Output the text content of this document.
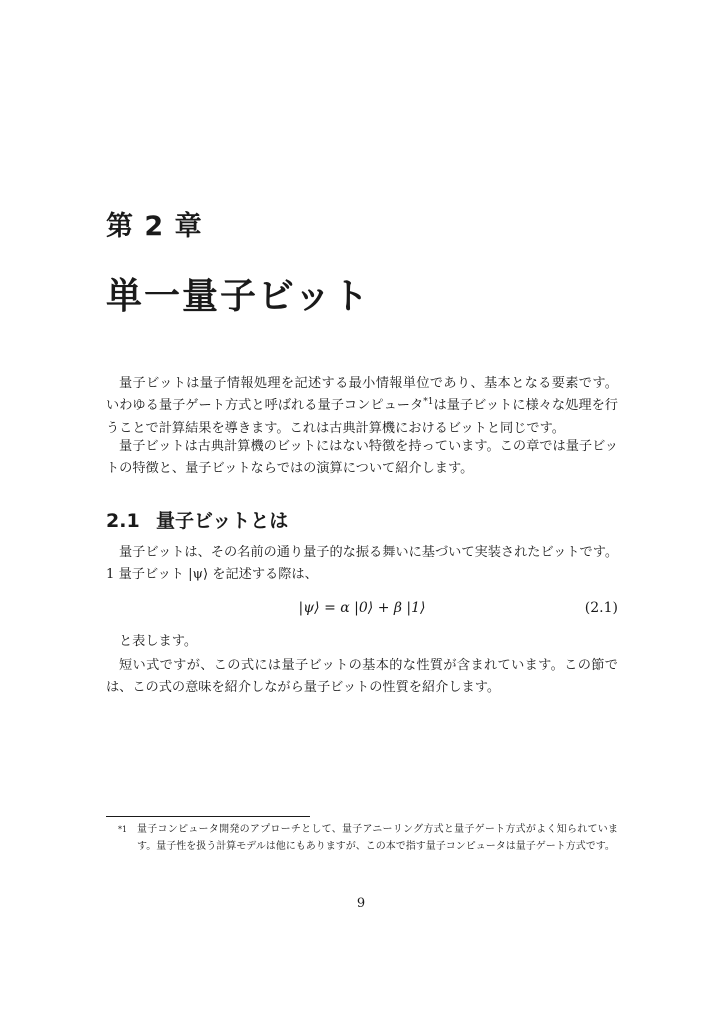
第 2 章
単一量子ビット

量子ビットは量子情報処理を記述する最小情報単位であり、基本となる要素です。いわゆる量子ゲート方式と呼ばれる量子コンピュータ$^{*1}$は量子ビットに様々な処理を行うことで計算結果を導きます。これは古典計算機におけるビットと同じです。

量子ビットは古典計算機のビットにはない特徴を持っています。この章では量子ビットの特徴と、量子ビットならではの演算について紹介します。

2.1 量子ビットとは

量子ビットは、その名前の通り量子的な振る舞いに基づいて実装されたビットです。1 量子ビット |ψ⟩ を記述する際は、

|ψ⟩ = α |0⟩ + β |1⟩	(2.1)

と表します。

短い式ですが、この式には量子ビットの基本的な性質が含まれています。この節では、この式の意味を紹介しながら量子ビットの性質を紹介します。

*1 量子コンピュータ開発のアプローチとして、量子アニーリング方式と量子ゲート方式がよく知られています。量子性を扱う計算モデルは他にもありますが、この本で指す量子コンピュータは量子ゲート方式です。
9
